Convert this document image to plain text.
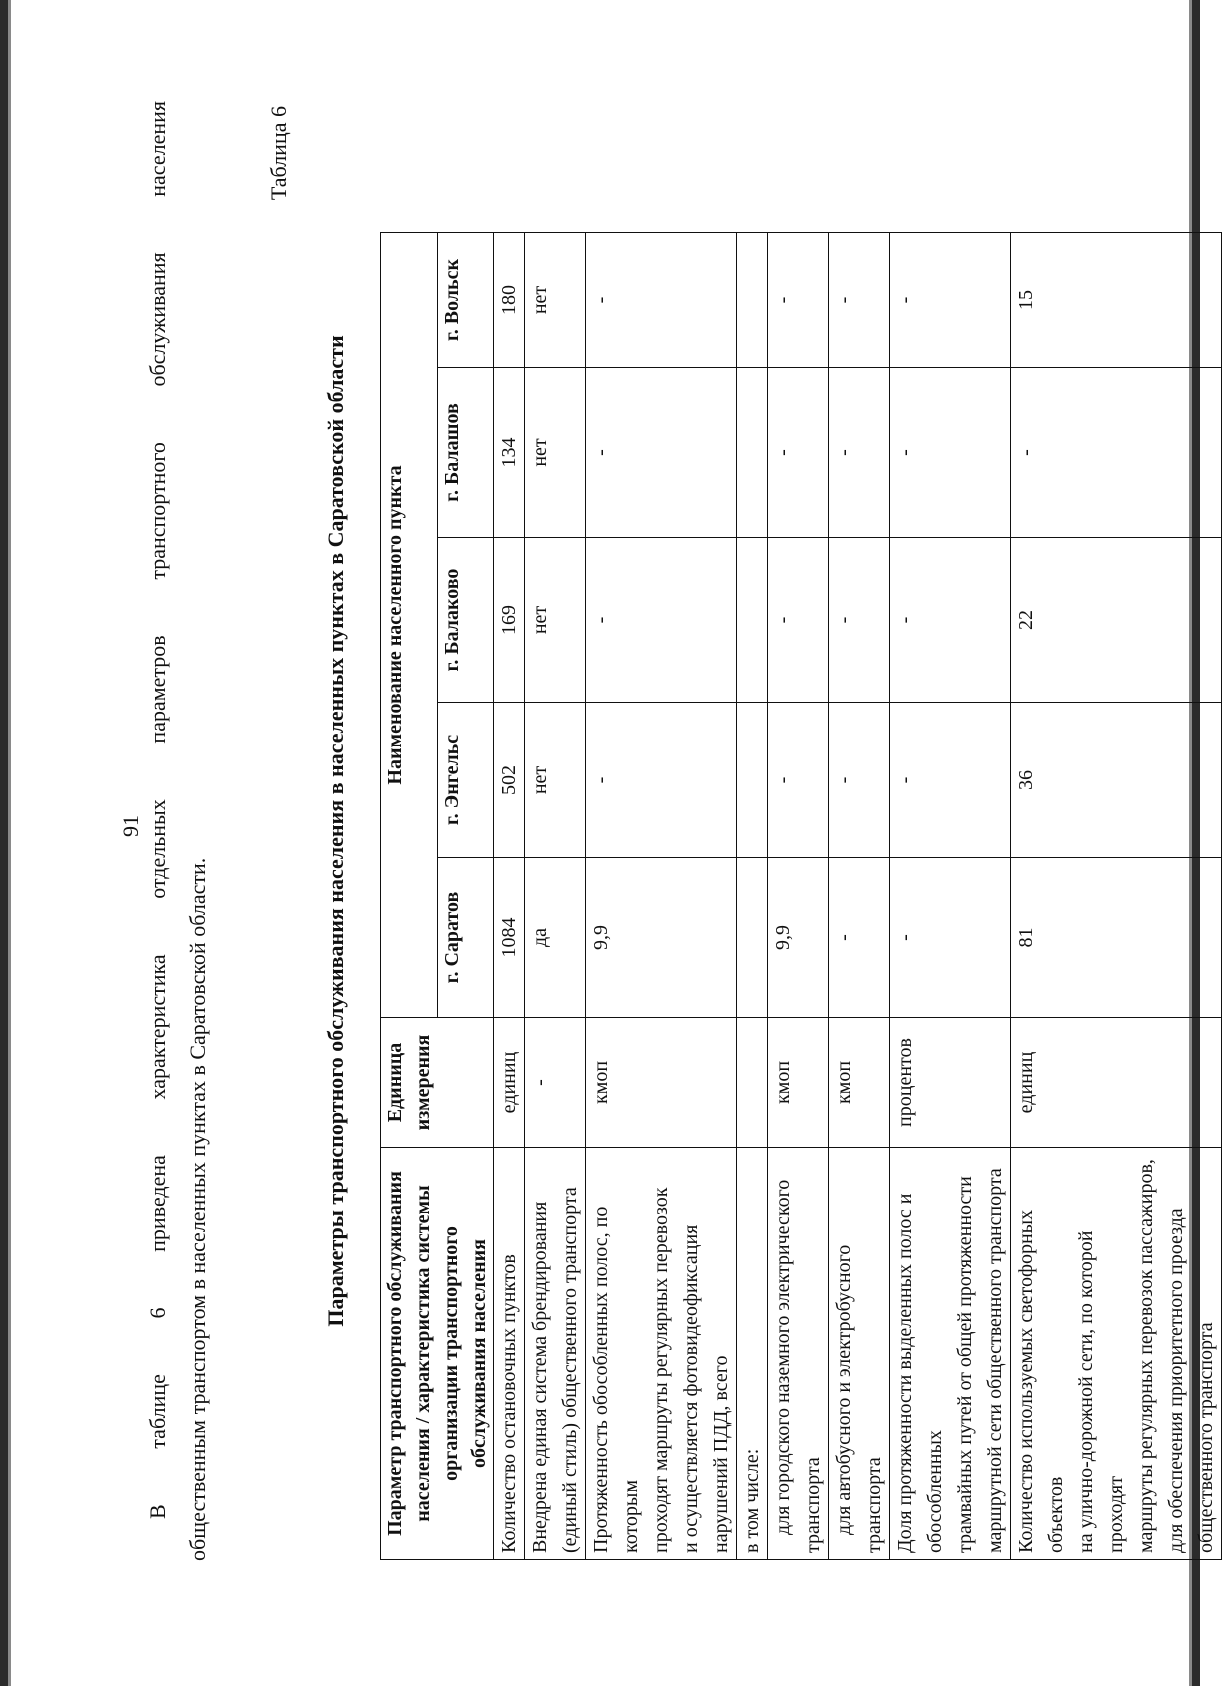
91 В таблице 6 приведена характеристика отдельных параметров транспортного обслуживания населения общественным транспортом в населенных пунктах в Саратовской области.

Таблица 6
Параметры транспортного обслуживания населения в населенных пунктах в Саратовской области
Параметр транспортного обслуживания
населения / характеристика системы
организации транспортного
обслуживания населения	Единица
измерения	Наименование населенного пункта				
		г. Саратов	г. Энгельс	г. Балаково	г. Балашов	г. Вольск
Количество остановочных пунктов	единиц	1084	502	169	134	180
Внедрена единая система брендирования
(единый стиль) общественного транспорта	-	да	нет	нет	нет	нет
Протяженность обособленных полос, по которым
проходят маршруты регулярных перевозок
и осуществляется фотовидеофиксация
нарушений ПДД, всего	кмоп	9,9	-	-	-	-
в том числе:						
для городского наземного электрического транспорта	кмоп	9,9	-	-	-	-
для автобусного и электробусного транспорта	кмоп	-	-	-	-	-
Доля протяженности выделенных полос и обособленных
трамвайных путей от общей протяженности
маршрутной сети общественного транспорта	процентов	-	-	-	-	-
Количество используемых светофорных объектов
на улично-дорожной сети, по которой проходят
маршруты регулярных перевозок пассажиров,
для обеспечения приоритетного проезда
общественного транспорта	единиц	81	36	22	-	15
